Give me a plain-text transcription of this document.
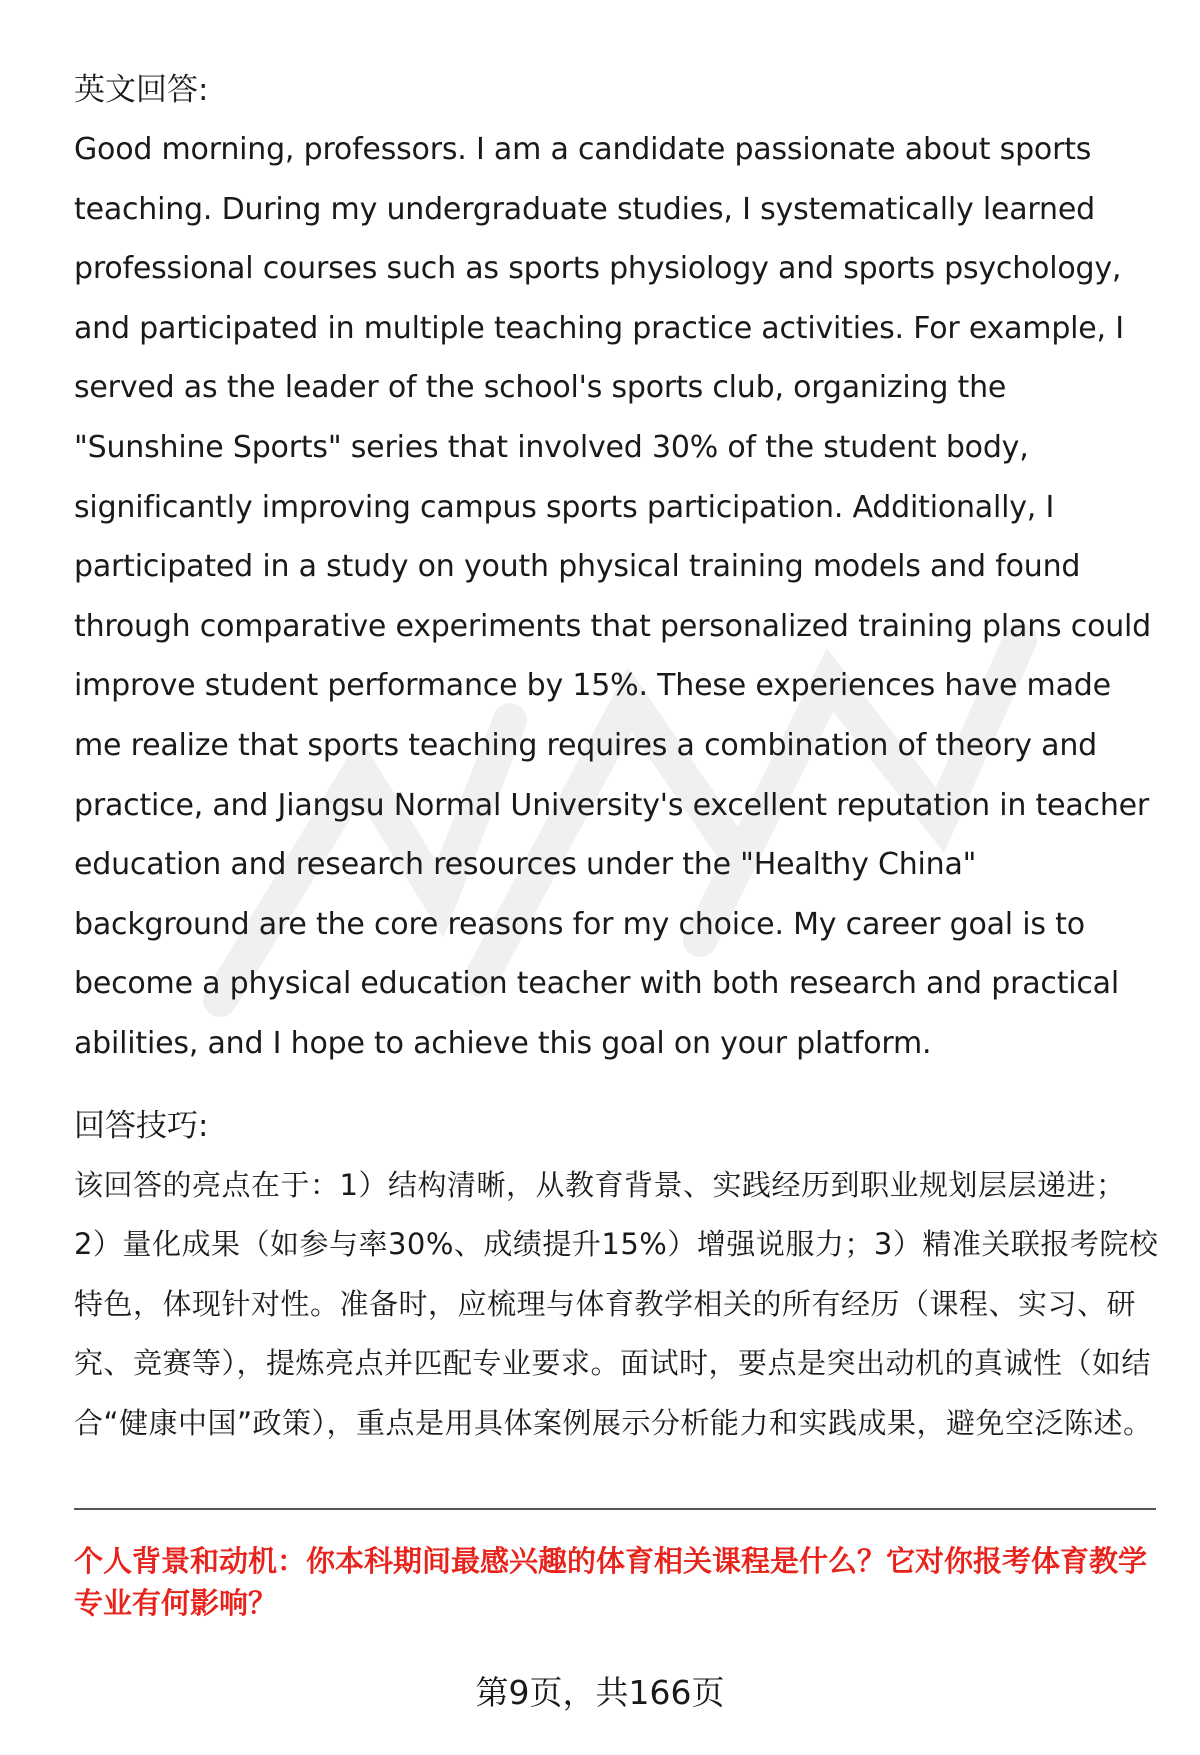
英文回答:

Good morning, professors. I am a candidate passionate about sports teaching. During my undergraduate studies, I systematically learned professional courses such as sports physiology and sports psychology, and participated in multiple teaching practice activities. For example, I served as the leader of the school's sports club, organizing the "Sunshine Sports" series that involved 30% of the student body, significantly improving campus sports participation. Additionally, I participated in a study on youth physical training models and found through comparative experiments that personalized training plans could improve student performance by 15%. These experiences have made me realize that sports teaching requires a combination of theory and practice, and Jiangsu Normal University's excellent reputation in teacher education and research resources under the "Healthy China" background are the core reasons for my choice. My career goal is to become a physical education teacher with both research and practical abilities, and I hope to achieve this goal on your platform.

回答技巧:

该回答的亮点在于：1）结构清晰，从教育背景、实践经历到职业规划层层递进；2）量化成果（如参与率30%、成绩提升15%）增强说服力；3）精准关联报考院校特色，体现针对性。准备时，应梳理与体育教学相关的所有经历（课程、实习、研究、竞赛等），提炼亮点并匹配专业要求。面试时，要点是突出动机的真诚性（如结合“健康中国”政策），重点是用具体案例展示分析能力和实践成果，避免空泛陈述。

个人背景和动机：你本科期间最感兴趣的体育相关课程是什么？它对你报考体育教学专业有何影响？

第9页，共166页
